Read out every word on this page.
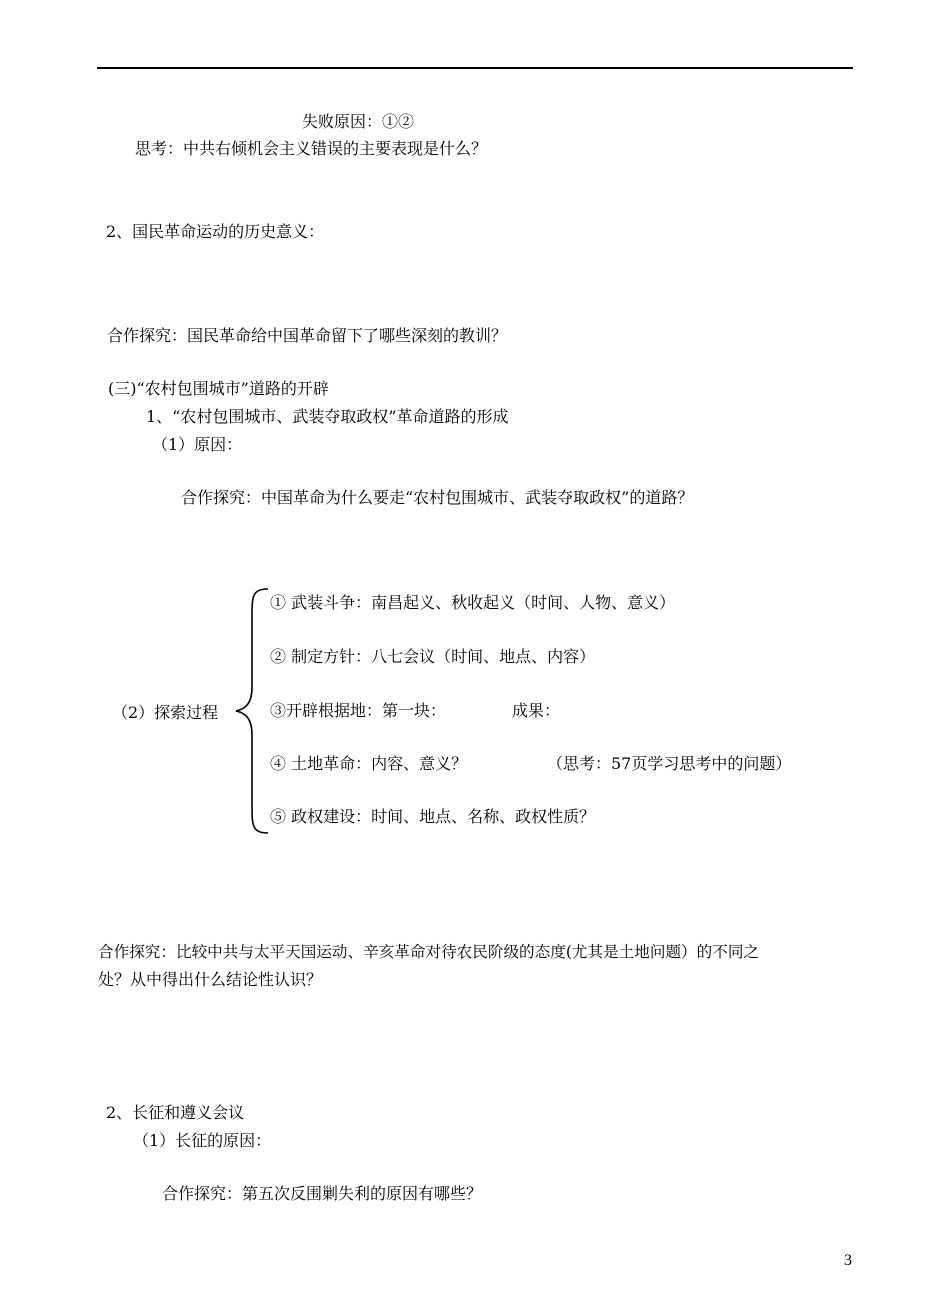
失败原因：①②
思考：中共右倾机会主义错误的主要表现是什么？
2、国民革命运动的历史意义：
合作探究：国民革命给中国革命留下了哪些深刻的教训？
(三)“农村包围城市”道路的开辟
1、“农村包围城市、武装夺取政权”革命道路的形成
（1）原因：
合作探究：中国革命为什么要走“农村包围城市、武装夺取政权”的道路？
（2）探索过程
① 武装斗争：南昌起义、秋收起义（时间、人物、意义）
② 制定方针：八七会议（时间、地点、内容）
③开辟根据地：第一块：	成果：
④ 土地革命：内容、意义？	（思考：57页学习思考中的问题）
⑤ 政权建设：时间、地点、名称、政权性质？
合作探究：比较中共与太平天国运动、辛亥革命对待农民阶级的态度(尤其是土地问题）的不同之
处？从中得出什么结论性认识？
2、长征和遵义会议
（1）长征的原因：
合作探究：第五次反围剿失利的原因有哪些？
3
